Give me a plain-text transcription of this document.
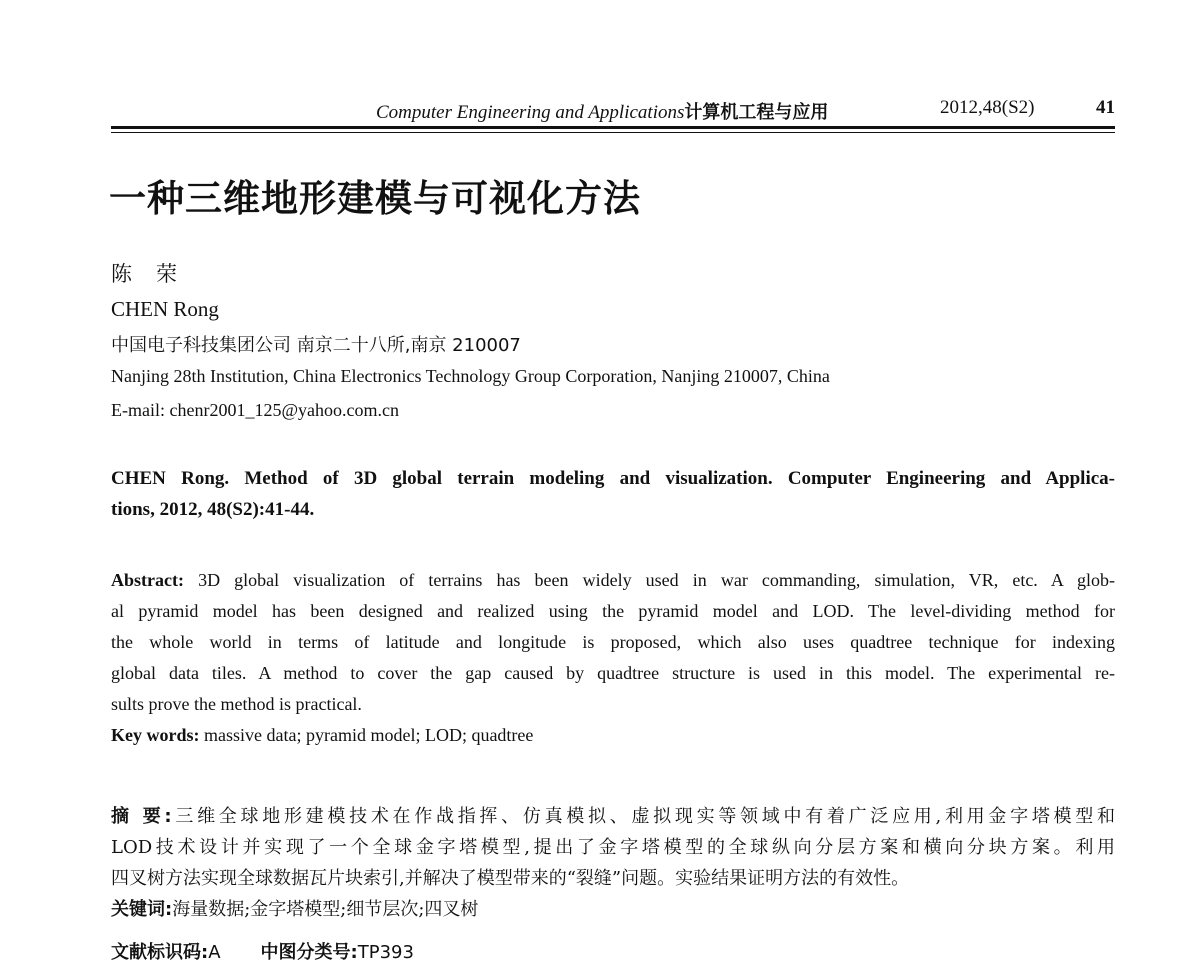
Computer Engineering and Applications计算机工程与应用	2012,48(S2)	41
一种三维地形建模与可视化方法
陈 荣
CHEN Rong
中国电子科技集团公司 南京二十八所,南京 210007
Nanjing 28th Institution, China Electronics Technology Group Corporation, Nanjing 210007, China
E-mail: chenr2001_125@yahoo.com.cn
CHEN Rong. Method of 3D global terrain modeling and visualization. Computer Engineering and Applica-
tions, 2012, 48(S2):41-44.
Abstract: 3D global visualization of terrains has been widely used in war commanding, simulation, VR, etc. A glob-
al pyramid model has been designed and realized using the pyramid model and LOD. The level-dividing method for
the whole world in terms of latitude and longitude is proposed, which also uses quadtree technique for indexing
global data tiles. A method to cover the gap caused by quadtree structure is used in this model. The experimental re-
sults prove the method is practical.
Key words: massive data; pyramid model; LOD; quadtree
摘 要:三维全球地形建模技术在作战指挥、仿真模拟、虚拟现实等领域中有着广泛应用,利用金字塔模型和
LOD技术设计并实现了一个全球金字塔模型,提出了金字塔模型的全球纵向分层方案和横向分块方案。利用
四叉树方法实现全球数据瓦片块索引,并解决了模型带来的“裂缝”问题。实验结果证明方法的有效性。
关键词:海量数据;金字塔模型;细节层次;四叉树
文献标识码:A 中图分类号:TP393
